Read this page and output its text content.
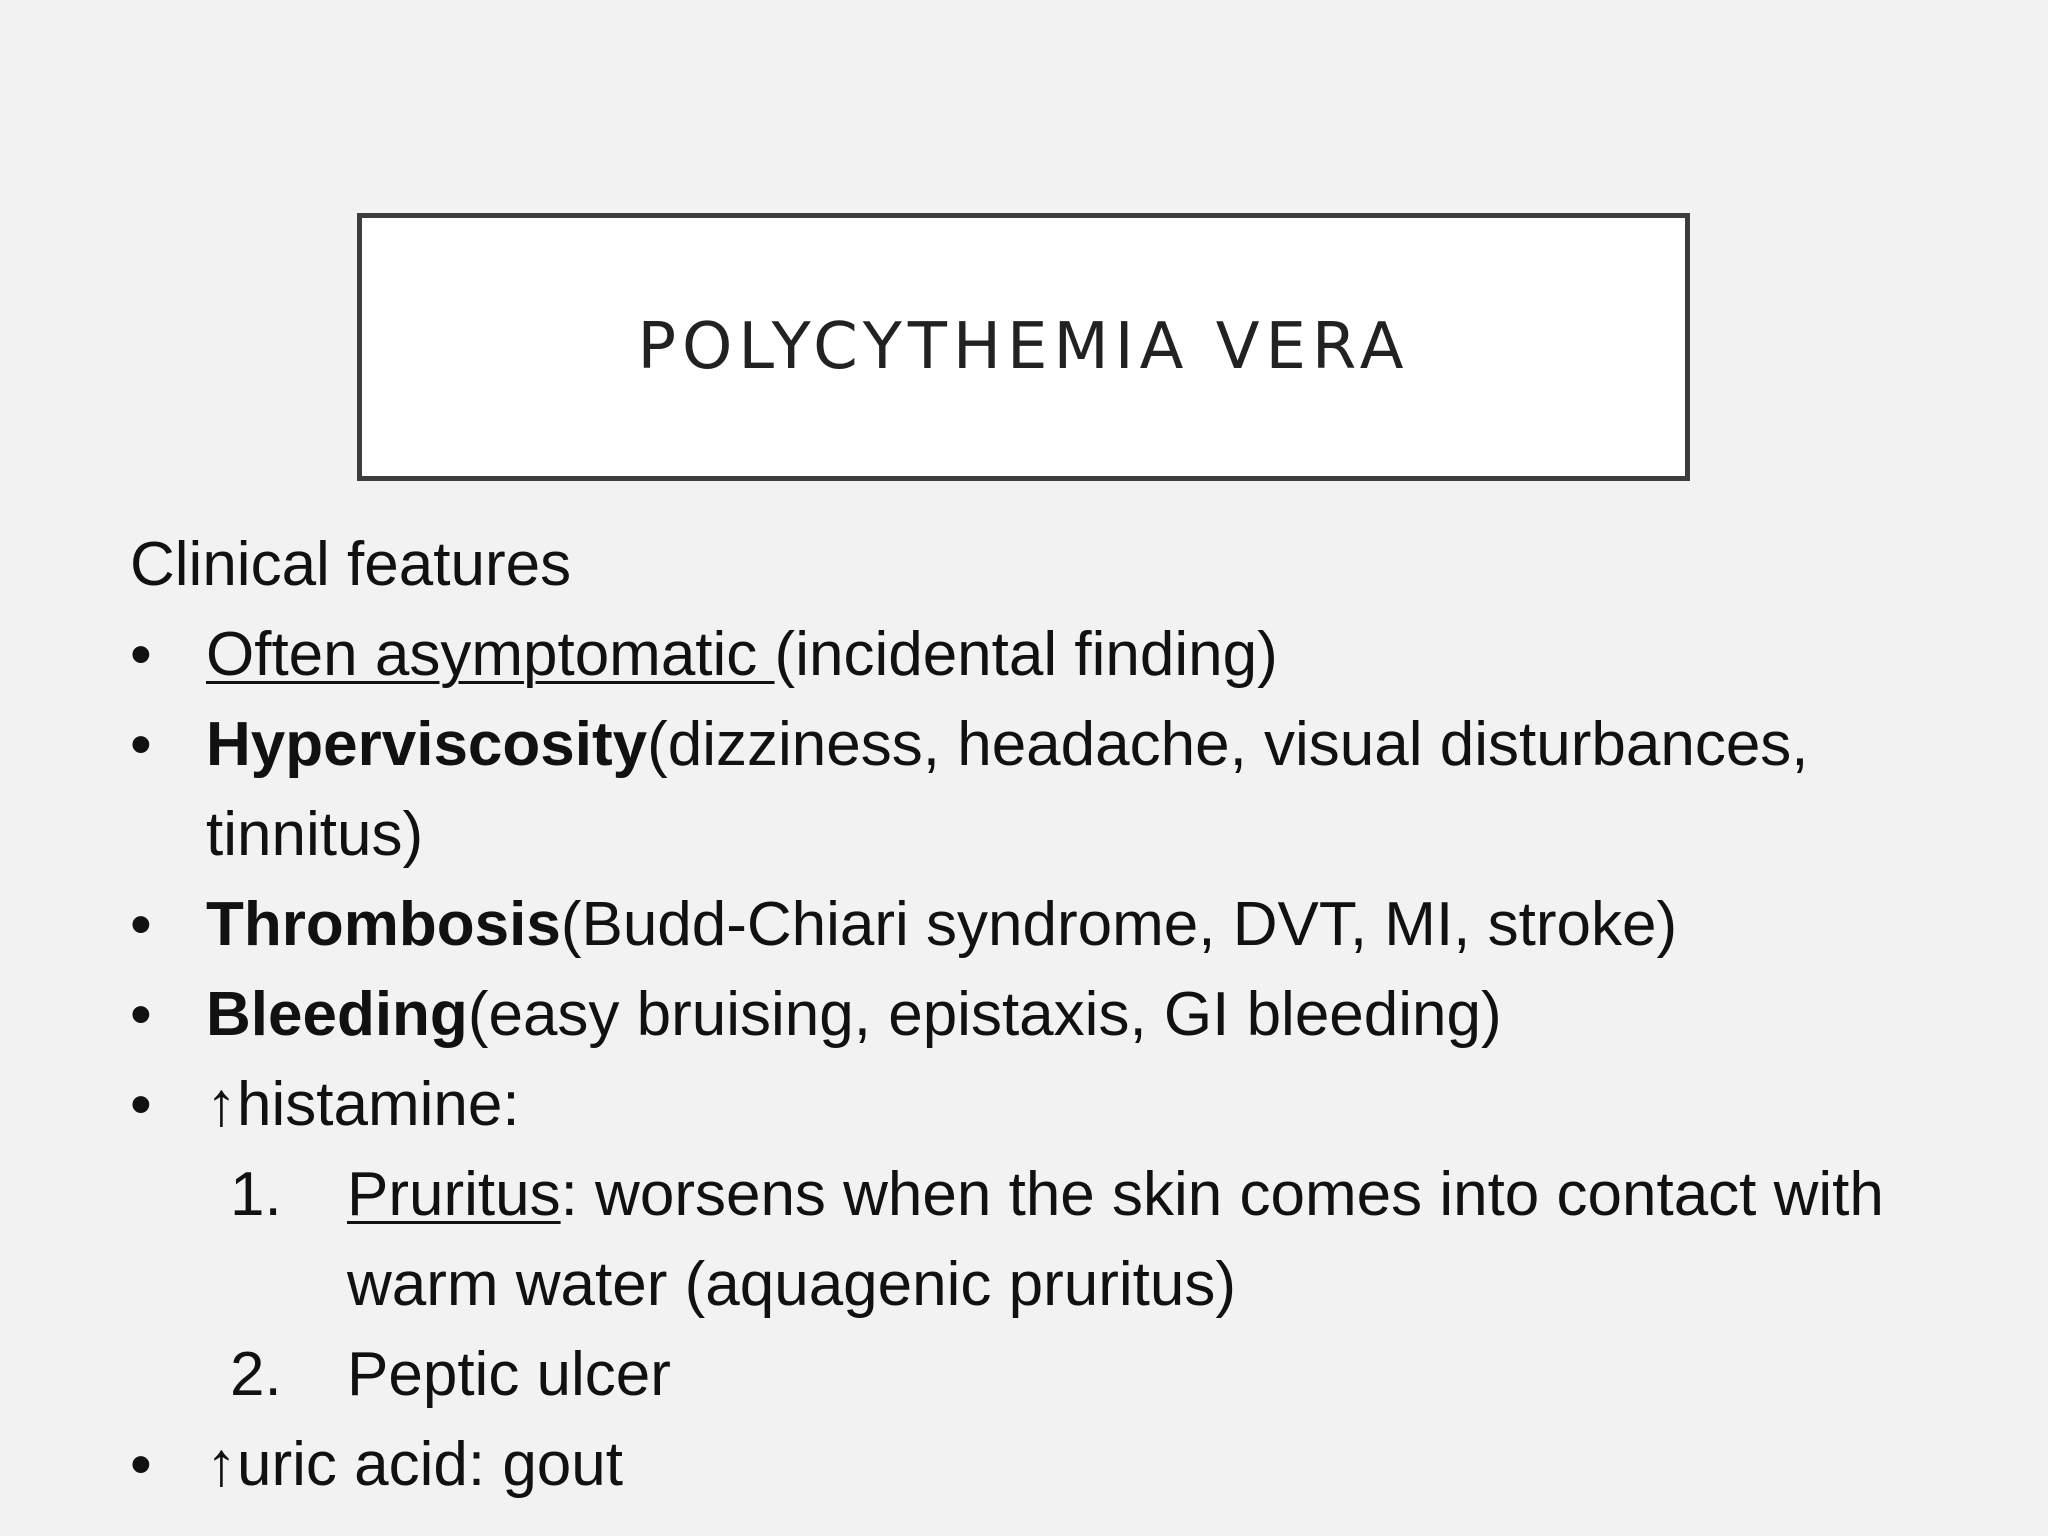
POLYCYTHEMIA VERA
Clinical features
• Often asymptomatic (incidental finding)
• Hyperviscosity(dizziness, headache, visual disturbances, tinnitus)
• Thrombosis(Budd-Chiari syndrome, DVT, MI, stroke)
• Bleeding(easy bruising, epistaxis, GI bleeding)
• ↑histamine:
1. Pruritus: worsens when the skin comes into contact with warm water (aquagenic pruritus)
2. Peptic ulcer
• ↑uric acid: gout
